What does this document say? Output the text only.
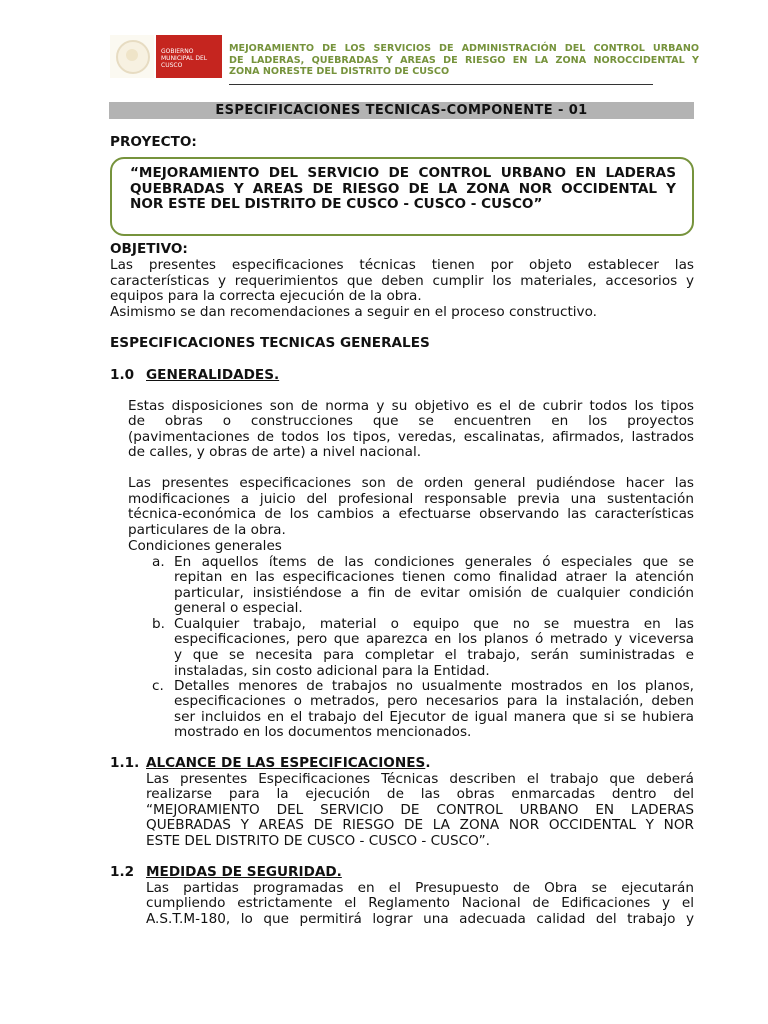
GOBIERNO
MUNICIPAL DEL
CUSCO
MEJORAMIENTO DE LOS SERVICIOS DE ADMINISTRACIÓN DEL CONTROL URBANO
DE LADERAS, QUEBRADAS Y AREAS DE RIESGO EN LA ZONA NOROCCIDENTAL Y
ZONA NORESTE DEL DISTRITO DE CUSCO
ESPECIFICACIONES TECNICAS-COMPONENTE - 01
PROYECTO:
“MEJORAMIENTO DEL SERVICIO DE CONTROL URBANO EN LADERAS
QUEBRADAS Y AREAS DE RIESGO DE LA ZONA NOR OCCIDENTAL Y
NOR ESTE DEL DISTRITO DE CUSCO - CUSCO - CUSCO”
OBJETIVO:
Las presentes especificaciones técnicas tienen por objeto establecer las
características y requerimientos que deben cumplir los materiales, accesorios y
equipos para la correcta ejecución de la obra.
Asimismo se dan recomendaciones a seguir en el proceso constructivo.
ESPECIFICACIONES TECNICAS GENERALES
1.0 GENERALIDADES.
Estas disposiciones son de norma y su objetivo es el de cubrir todos los tipos
de obras o construcciones que se encuentren en los proyectos
(pavimentaciones de todos los tipos, veredas, escalinatas, afirmados, lastrados
de calles, y obras de arte) a nivel nacional.
Las presentes especificaciones son de orden general pudiéndose hacer las
modificaciones a juicio del profesional responsable previa una sustentación
técnica-económica de los cambios a efectuarse observando las características
particulares de la obra.
Condiciones generales
a. En aquellos ítems de las condiciones generales ó especiales que se
repitan en las especificaciones tienen como finalidad atraer la atención
particular, insistiéndose a fin de evitar omisión de cualquier condición
general o especial.
b. Cualquier trabajo, material o equipo que no se muestra en las
especificaciones, pero que aparezca en los planos ó metrado y viceversa
y que se necesita para completar el trabajo, serán suministradas e
instaladas, sin costo adicional para la Entidad.
c. Detalles menores de trabajos no usualmente mostrados en los planos,
especificaciones o metrados, pero necesarios para la instalación, deben
ser incluidos en el trabajo del Ejecutor de igual manera que si se hubiera
mostrado en los documentos mencionados.
1.1. ALCANCE DE LAS ESPECIFICACIONES.
Las presentes Especificaciones Técnicas describen el trabajo que deberá
realizarse para la ejecución de las obras enmarcadas dentro del
“MEJORAMIENTO DEL SERVICIO DE CONTROL URBANO EN LADERAS
QUEBRADAS Y AREAS DE RIESGO DE LA ZONA NOR OCCIDENTAL Y NOR
ESTE DEL DISTRITO DE CUSCO - CUSCO - CUSCO”.
1.2 MEDIDAS DE SEGURIDAD.
Las partidas programadas en el Presupuesto de Obra se ejecutarán
cumpliendo estrictamente el Reglamento Nacional de Edificaciones y el
A.S.T.M-180, lo que permitirá lograr una adecuada calidad del trabajo y
